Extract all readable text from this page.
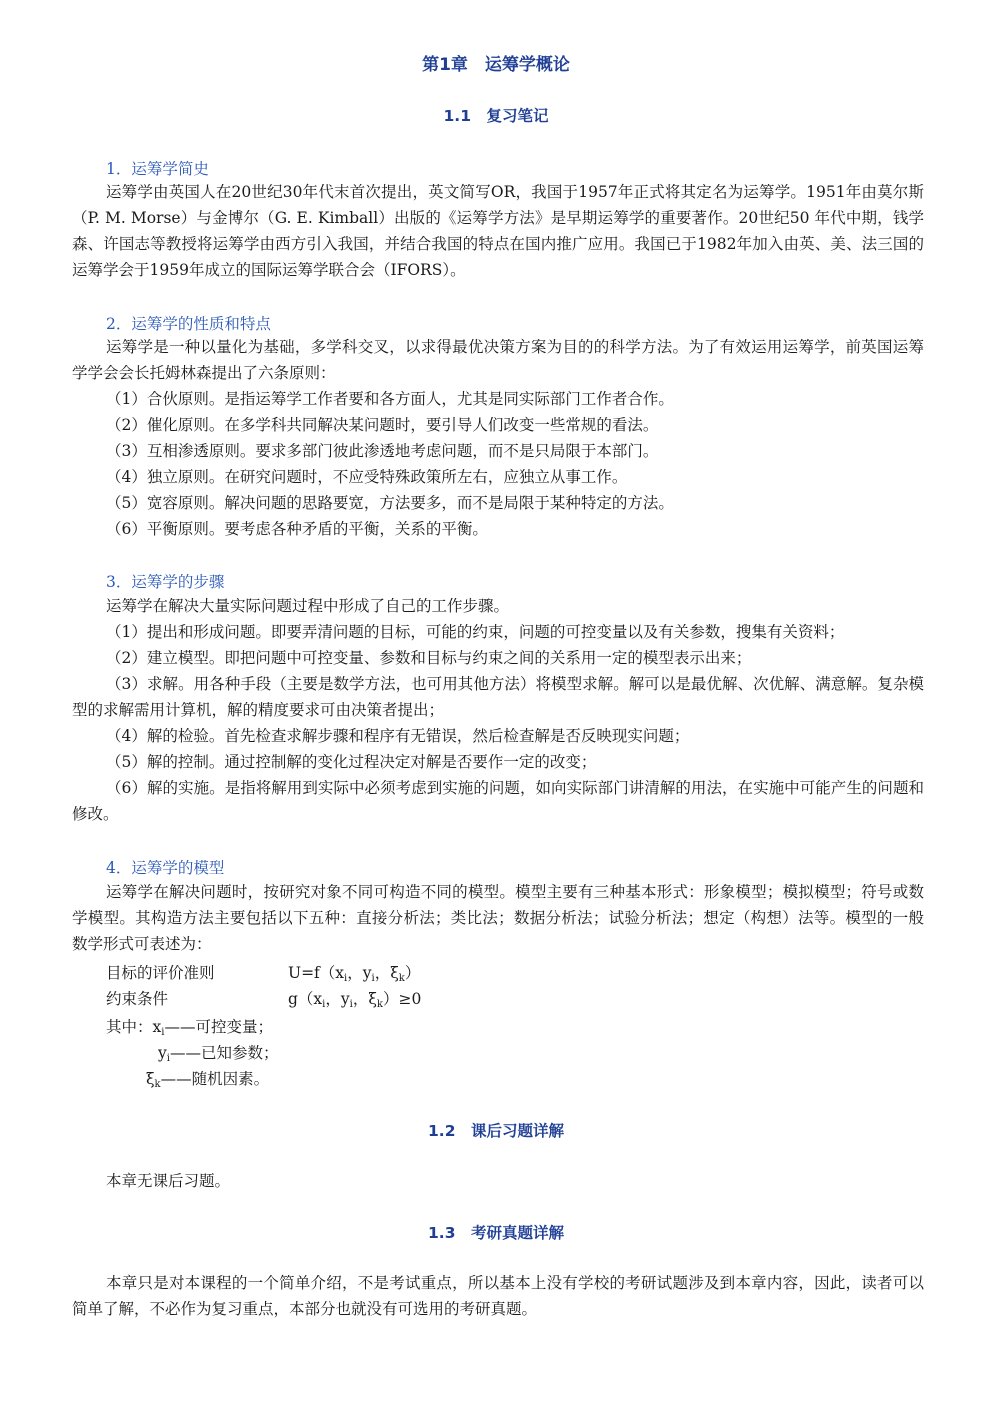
第1章　运筹学概论
1.1　复习笔记
1．运筹学简史
运筹学由英国人在20世纪30年代末首次提出，英文简写OR，我国于1957年正式将其定名为运筹学。1951年由莫尔斯（P. M. Morse）与金博尔（G. E. Kimball）出版的《运筹学方法》是早期运筹学的重要著作。20世纪50 年代中期，钱学森、许国志等教授将运筹学由西方引入我国，并结合我国的特点在国内推广应用。我国已于1982年加入由英、美、法三国的运筹学会于1959年成立的国际运筹学联合会（IFORS）。
2．运筹学的性质和特点
运筹学是一种以量化为基础，多学科交叉，以求得最优决策方案为目的的科学方法。为了有效运用运筹学，前英国运筹学学会会长托姆林森提出了六条原则：
（1）合伙原则。是指运筹学工作者要和各方面人，尤其是同实际部门工作者合作。
（2）催化原则。在多学科共同解决某问题时，要引导人们改变一些常规的看法。
（3）互相渗透原则。要求多部门彼此渗透地考虑问题，而不是只局限于本部门。
（4）独立原则。在研究问题时，不应受特殊政策所左右，应独立从事工作。
（5）宽容原则。解决问题的思路要宽，方法要多，而不是局限于某种特定的方法。
（6）平衡原则。要考虑各种矛盾的平衡，关系的平衡。
3．运筹学的步骤
运筹学在解决大量实际问题过程中形成了自己的工作步骤。
（1）提出和形成问题。即要弄清问题的目标，可能的约束，问题的可控变量以及有关参数，搜集有关资料；
（2）建立模型。即把问题中可控变量、参数和目标与约束之间的关系用一定的模型表示出来；
（3）求解。用各种手段（主要是数学方法，也可用其他方法）将模型求解。解可以是最优解、次优解、满意解。复杂模型的求解需用计算机，解的精度要求可由决策者提出；
（4）解的检验。首先检查求解步骤和程序有无错误，然后检查解是否反映现实问题；
（5）解的控制。通过控制解的变化过程决定对解是否要作一定的改变；
（6）解的实施。是指将解用到实际中必须考虑到实施的问题，如向实际部门讲清解的用法，在实施中可能产生的问题和修改。
4．运筹学的模型
运筹学在解决问题时，按研究对象不同可构造不同的模型。模型主要有三种基本形式：形象模型；模拟模型；符号或数学模型。其构造方法主要包括以下五种：直接分析法；类比法；数据分析法；试验分析法；想定（构想）法等。模型的一般数学形式可表述为：
目标的评价准则	$U=f(x_i$，$y_i$，$\xi_k$）
约束条件	$g(x_i$，$y_i$，$\xi_k)\ge 0$
其中：$x_i——$可控变量；
$y_i——$已知参数；
$\xi_k——$随机因素。
1.2　课后习题详解
本章无课后习题。
1.3　考研真题详解
本章只是对本课程的一个简单介绍，不是考试重点，所以基本上没有学校的考研试题涉及到本章内容，因此，读者可以简单了解，不必作为复习重点，本部分也就没有可选用的考研真题。
